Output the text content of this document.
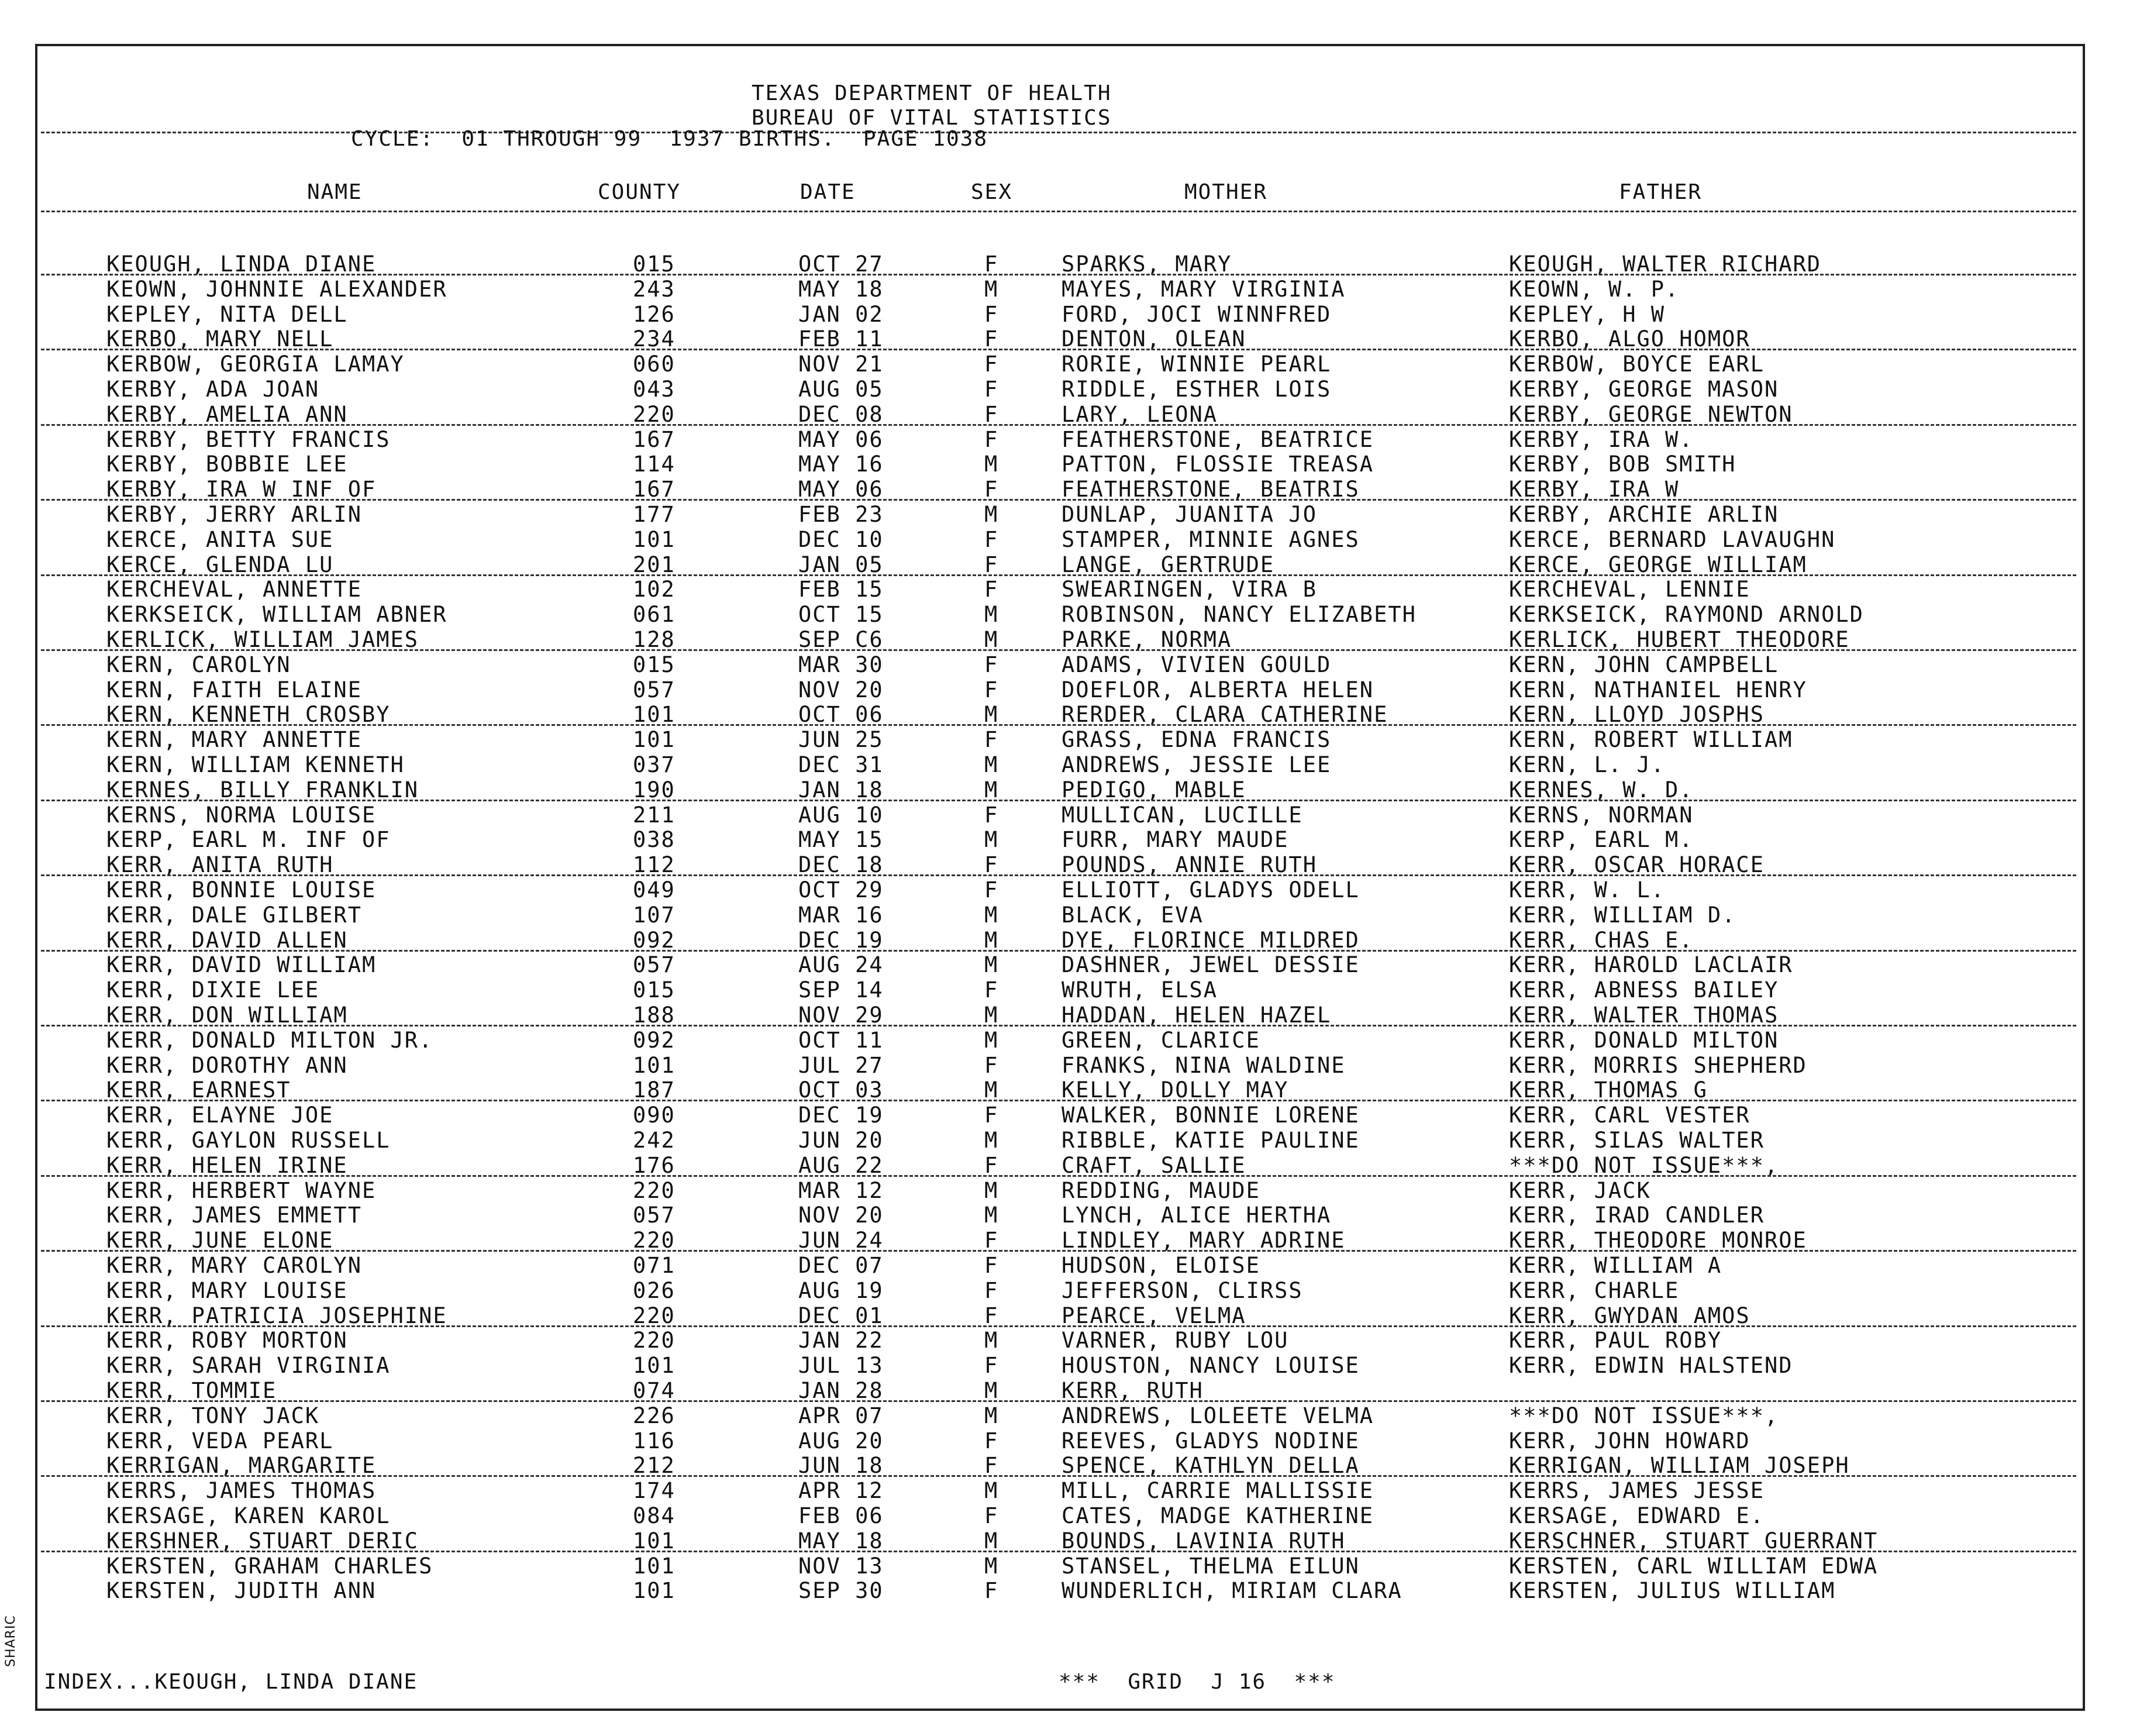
TEXAS DEPARTMENT OF HEALTH
BUREAU OF VITAL STATISTICS
CYCLE:  01 THROUGH 99  1937 BIRTHS.  PAGE 1038
NAME	COUNTY	DATE	SEX	MOTHER	FATHER
KEOUGH, LINDA DIANE	015	OCT 27	F	SPARKS, MARY	KEOUGH, WALTER RICHARD
KEOWN, JOHNNIE ALEXANDER	243	MAY 18	M	MAYES, MARY VIRGINIA	KEOWN, W. P.
KEPLEY, NITA DELL	126	JAN 02	F	FORD, JOCI WINNFRED	KEPLEY, H W
KERBO, MARY NELL	234	FEB 11	F	DENTON, OLEAN	KERBO, ALGO HOMOR
KERBOW, GEORGIA LAMAY	060	NOV 21	F	RORIE, WINNIE PEARL	KERBOW, BOYCE EARL
KERBY, ADA JOAN	043	AUG 05	F	RIDDLE, ESTHER LOIS	KERBY, GEORGE MASON
KERBY, AMELIA ANN	220	DEC 08	F	LARY, LEONA	KERBY, GEORGE NEWTON
KERBY, BETTY FRANCIS	167	MAY 06	F	FEATHERSTONE, BEATRICE	KERBY, IRA W.
KERBY, BOBBIE LEE	114	MAY 16	M	PATTON, FLOSSIE TREASA	KERBY, BOB SMITH
KERBY, IRA W INF OF	167	MAY 06	F	FEATHERSTONE, BEATRIS	KERBY, IRA W
KERBY, JERRY ARLIN	177	FEB 23	M	DUNLAP, JUANITA JO	KERBY, ARCHIE ARLIN
KERCE, ANITA SUE	101	DEC 10	F	STAMPER, MINNIE AGNES	KERCE, BERNARD LAVAUGHN
KERCE, GLENDA LU	201	JAN 05	F	LANGE, GERTRUDE	KERCE, GEORGE WILLIAM
KERCHEVAL, ANNETTE	102	FEB 15	F	SWEARINGEN, VIRA B	KERCHEVAL, LENNIE
KERKSEICK, WILLIAM ABNER	061	OCT 15	M	ROBINSON, NANCY ELIZABETH	KERKSEICK, RAYMOND ARNOLD
KERLICK, WILLIAM JAMES	128	SEP C6	M	PARKE, NORMA	KERLICK, HUBERT THEODORE
KERN, CAROLYN	015	MAR 30	F	ADAMS, VIVIEN GOULD	KERN, JOHN CAMPBELL
KERN, FAITH ELAINE	057	NOV 20	F	DOEFLOR, ALBERTA HELEN	KERN, NATHANIEL HENRY
KERN, KENNETH CROSBY	101	OCT 06	M	RERDER, CLARA CATHERINE	KERN, LLOYD JOSPHS
KERN, MARY ANNETTE	101	JUN 25	F	GRASS, EDNA FRANCIS	KERN, ROBERT WILLIAM
KERN, WILLIAM KENNETH	037	DEC 31	M	ANDREWS, JESSIE LEE	KERN, L. J.
KERNES, BILLY FRANKLIN	190	JAN 18	M	PEDIGO, MABLE	KERNES, W. D.
KERNS, NORMA LOUISE	211	AUG 10	F	MULLICAN, LUCILLE	KERNS, NORMAN
KERP, EARL M. INF OF	038	MAY 15	M	FURR, MARY MAUDE	KERP, EARL M.
KERR, ANITA RUTH	112	DEC 18	F	POUNDS, ANNIE RUTH	KERR, OSCAR HORACE
KERR, BONNIE LOUISE	049	OCT 29	F	ELLIOTT, GLADYS ODELL	KERR, W. L.
KERR, DALE GILBERT	107	MAR 16	M	BLACK, EVA	KERR, WILLIAM D.
KERR, DAVID ALLEN	092	DEC 19	M	DYE, FLORINCE MILDRED	KERR, CHAS E.
KERR, DAVID WILLIAM	057	AUG 24	M	DASHNER, JEWEL DESSIE	KERR, HAROLD LACLAIR
KERR, DIXIE LEE	015	SEP 14	F	WRUTH, ELSA	KERR, ABNESS BAILEY
KERR, DON WILLIAM	188	NOV 29	M	HADDAN, HELEN HAZEL	KERR, WALTER THOMAS
KERR, DONALD MILTON JR.	092	OCT 11	M	GREEN, CLARICE	KERR, DONALD MILTON
KERR, DOROTHY ANN	101	JUL 27	F	FRANKS, NINA WALDINE	KERR, MORRIS SHEPHERD
KERR, EARNEST	187	OCT 03	M	KELLY, DOLLY MAY	KERR, THOMAS G
KERR, ELAYNE JOE	090	DEC 19	F	WALKER, BONNIE LORENE	KERR, CARL VESTER
KERR, GAYLON RUSSELL	242	JUN 20	M	RIBBLE, KATIE PAULINE	KERR, SILAS WALTER
KERR, HELEN IRINE	176	AUG 22	F	CRAFT, SALLIE	***DO NOT ISSUE***,
KERR, HERBERT WAYNE	220	MAR 12	M	REDDING, MAUDE	KERR, JACK
KERR, JAMES EMMETT	057	NOV 20	M	LYNCH, ALICE HERTHA	KERR, IRAD CANDLER
KERR, JUNE ELONE	220	JUN 24	F	LINDLEY, MARY ADRINE	KERR, THEODORE MONROE
KERR, MARY CAROLYN	071	DEC 07	F	HUDSON, ELOISE	KERR, WILLIAM A
KERR, MARY LOUISE	026	AUG 19	F	JEFFERSON, CLIRSS	KERR, CHARLE
KERR, PATRICIA JOSEPHINE	220	DEC 01	F	PEARCE, VELMA	KERR, GWYDAN AMOS
KERR, ROBY MORTON	220	JAN 22	M	VARNER, RUBY LOU	KERR, PAUL ROBY
KERR, SARAH VIRGINIA	101	JUL 13	F	HOUSTON, NANCY LOUISE	KERR, EDWIN HALSTEND
KERR, TOMMIE	074	JAN 28	M	KERR, RUTH
KERR, TONY JACK	226	APR 07	M	ANDREWS, LOLEETE VELMA	***DO NOT ISSUE***,
KERR, VEDA PEARL	116	AUG 20	F	REEVES, GLADYS NODINE	KERR, JOHN HOWARD
KERRIGAN, MARGARITE	212	JUN 18	F	SPENCE, KATHLYN DELLA	KERRIGAN, WILLIAM JOSEPH
KERRS, JAMES THOMAS	174	APR 12	M	MILL, CARRIE MALLISSIE	KERRS, JAMES JESSE
KERSAGE, KAREN KAROL	084	FEB 06	F	CATES, MADGE KATHERINE	KERSAGE, EDWARD E.
KERSHNER, STUART DERIC	101	MAY 18	M	BOUNDS, LAVINIA RUTH	KERSCHNER, STUART GUERRANT
KERSTEN, GRAHAM CHARLES	101	NOV 13	M	STANSEL, THELMA EILUN	KERSTEN, CARL WILLIAM EDWA
KERSTEN, JUDITH ANN	101	SEP 30	F	WUNDERLICH, MIRIAM CLARA	KERSTEN, JULIUS WILLIAM
INDEX...KEOUGH, LINDA DIANE	***  GRID  J 16  ***
SHARIC
